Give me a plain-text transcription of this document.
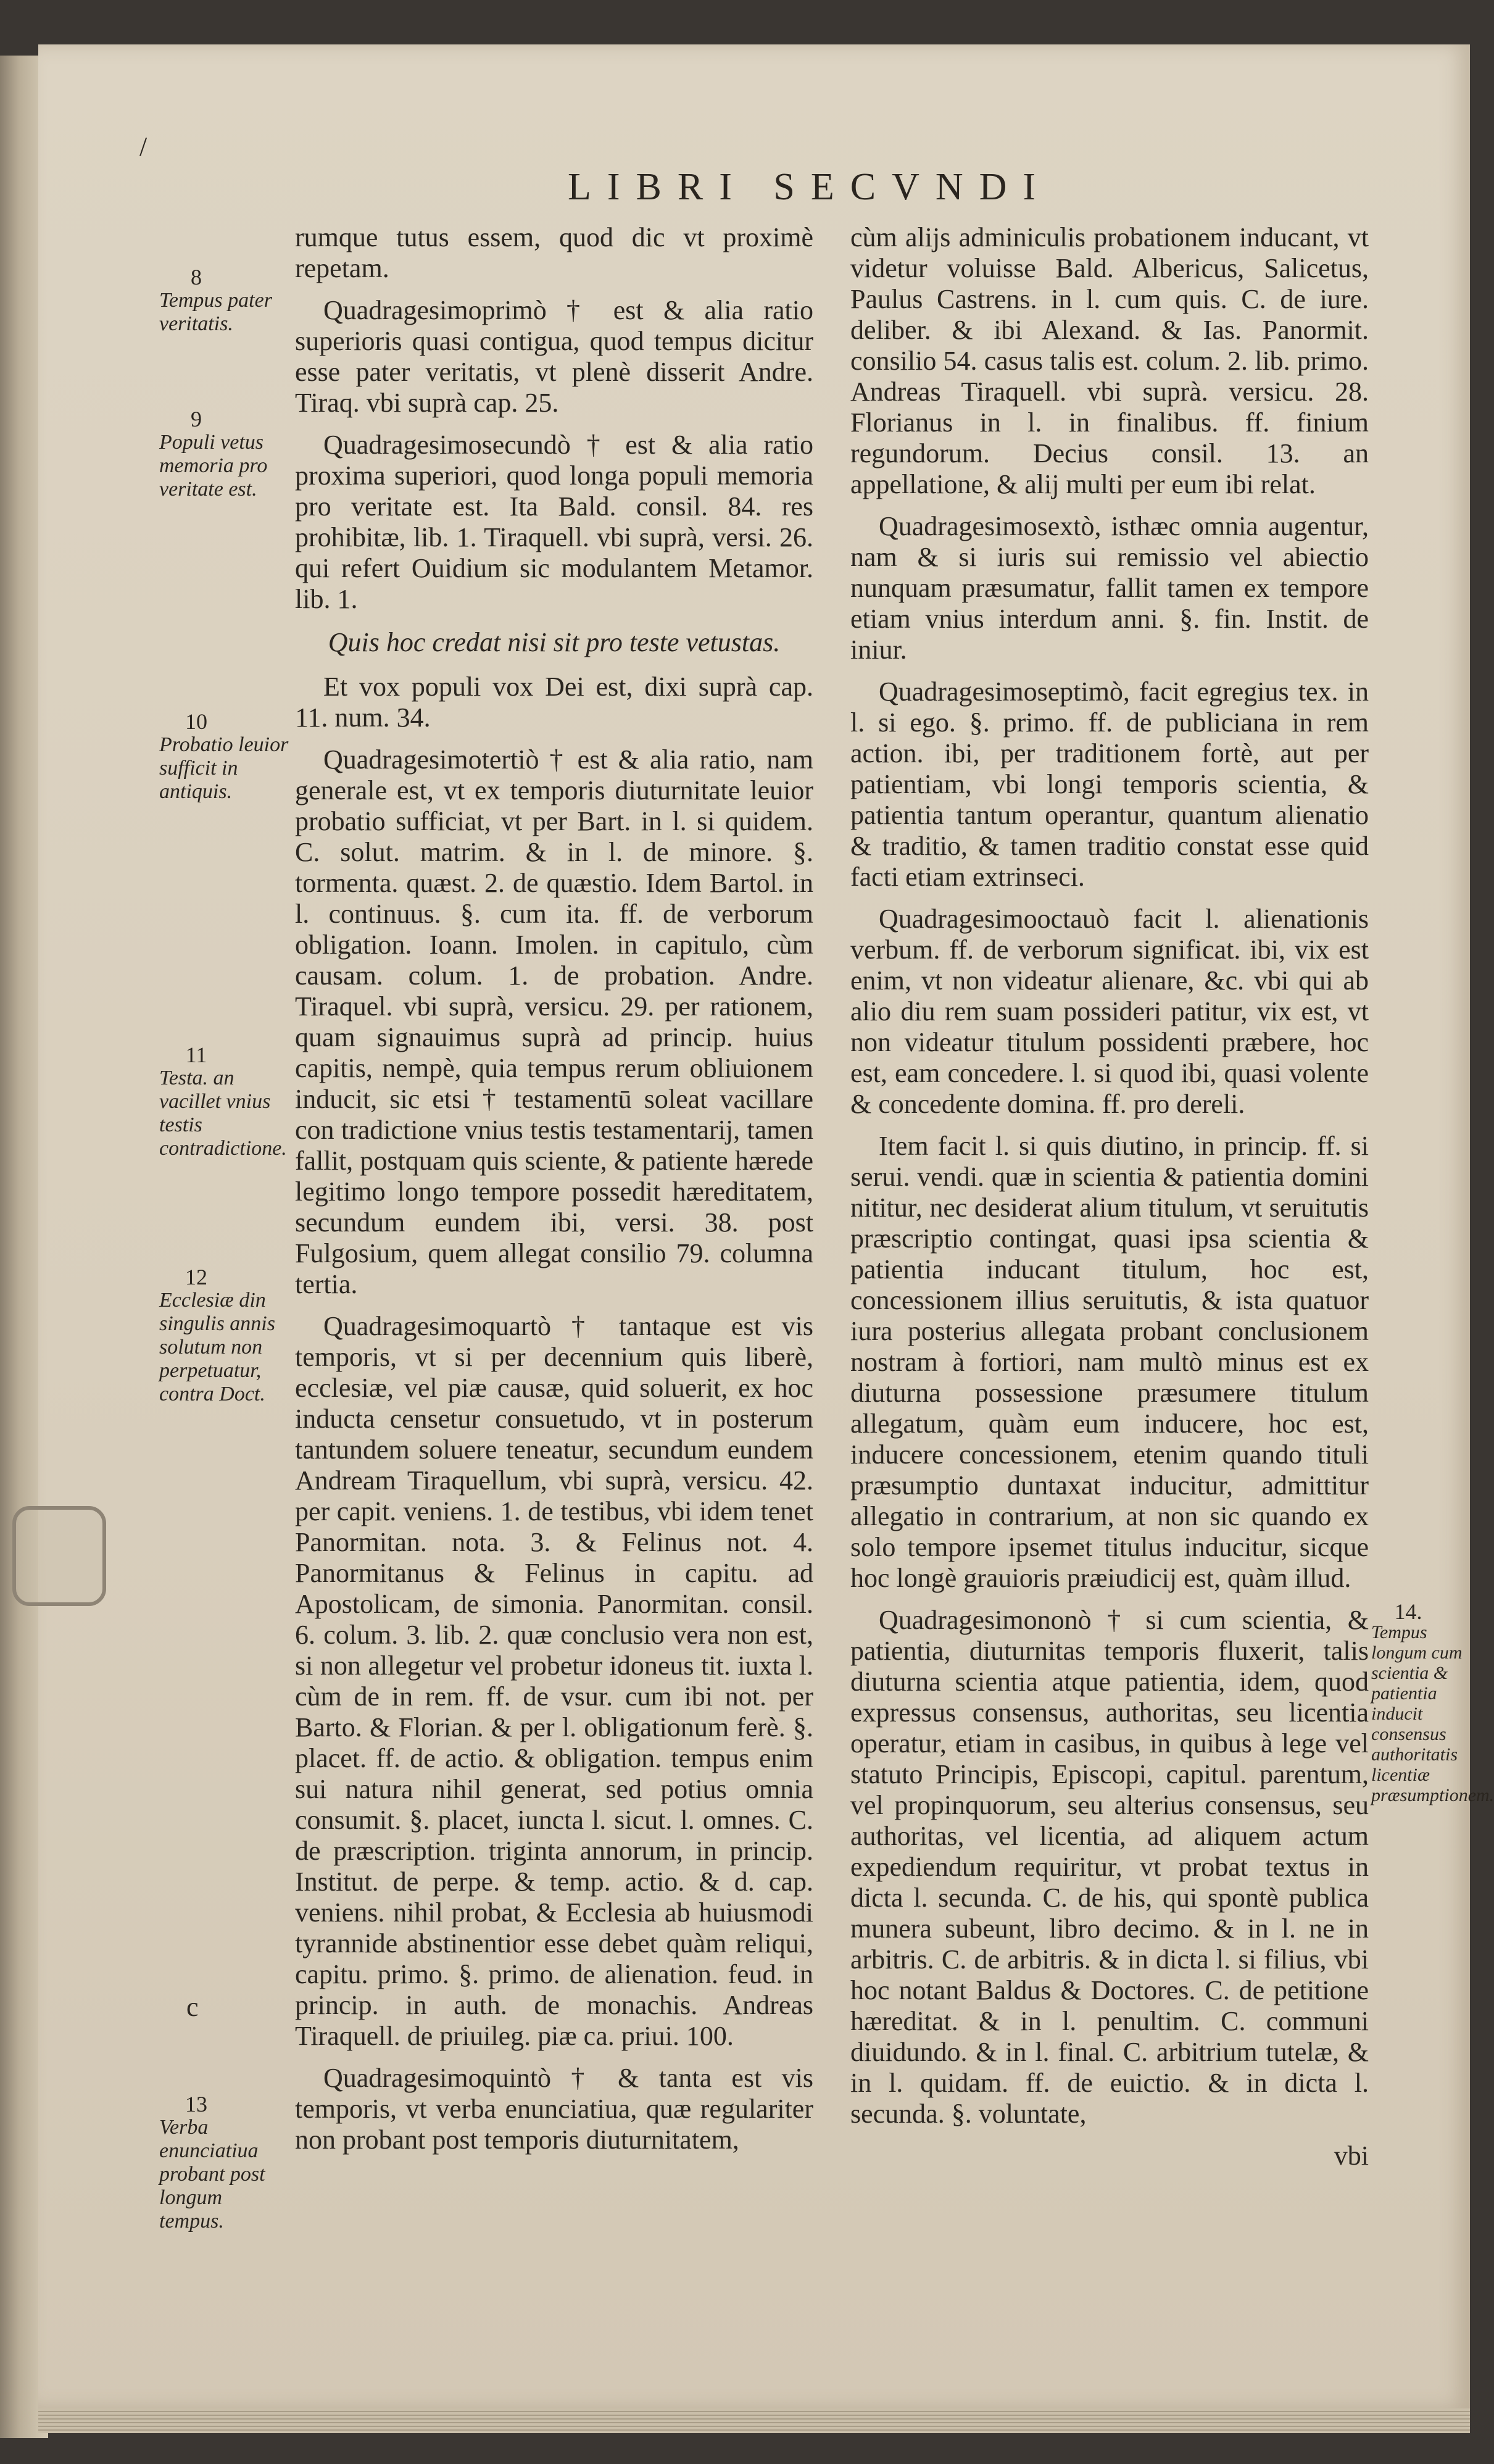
/
LIBRI SECVNDI

rumque tutus essem, quod dic vt proximè repetam.

Quadragesimoprimò † est & alia ratio superioris quasi contigua, quod tempus dicitur esse pater veritatis, vt plenè disserit Andre. Tiraq. vbi suprà cap. 25.

Quadragesimosecundò † est & alia ratio proxima superiori, quod longa populi memoria pro veritate est. Ita Bald. consil. 84. res prohibitæ, lib. 1. Tiraquell. vbi suprà, versi. 26. qui refert Ouidium sic modulantem Metamor. lib. 1.

Quis hoc credat nisi sit pro teste vetustas.

Et vox populi vox Dei est, dixi suprà cap. 11. num. 34.

Quadragesimotertiò † est & alia ratio, nam generale est, vt ex temporis diuturnitate leuior probatio sufficiat, vt per Bart. in l. si quidem. C. solut. matrim. & in l. de minore. §. tormenta. quæst. 2. de quæstio. Idem Bartol. in l. continuus. §. cum ita. ff. de verborum obligation. Ioann. Imolen. in capitulo, cùm causam. colum. 1. de probation. Andre. Tiraquel. vbi suprà, versicu. 29. per rationem, quam signauimus suprà ad princip. huius capitis, nempè, quia tempus rerum obliuionem inducit, sic etsi † testamentū soleat vacillare con tradictione vnius testis testamentarij, tamen fallit, postquam quis sciente, & patiente hærede legitimo longo tempore possedit hæreditatem, secundum eundem ibi, versi. 38. post Fulgosium, quem allegat consilio 79. columna tertia.

Quadragesimoquartò † tantaque est vis temporis, vt si per decennium quis liberè, ecclesiæ, vel piæ causæ, quid soluerit, ex hoc inducta censetur consuetudo, vt in posterum tantundem soluere teneatur, secundum eundem Andream Tiraquellum, vbi suprà, versicu. 42. per capit. veniens. 1. de testibus, vbi idem tenet Panormitan. nota. 3. & Felinus not. 4. Panormitanus & Felinus in capitu. ad Apostolicam, de simonia. Panormitan. consil. 6. colum. 3. lib. 2. quæ conclusio vera non est, si non allegetur vel probetur idoneus tit. iuxta l. cùm de in rem. ff. de vsur. cum ibi not. per Barto. & Florian. & per l. obligationum ferè. §. placet. ff. de actio. & obligation. tempus enim sui natura nihil generat, sed potius omnia consumit. §. placet, iuncta l. sicut. l. omnes. C. de præscription. triginta annorum, in princip. Institut. de perpe. & temp. actio. & d. cap. veniens. nihil probat, & Ecclesia ab huiusmodi tyrannide abstinentior esse debet quàm reliqui, capitu. primo. §. primo. de alienation. feud. in princip. in auth. de monachis. Andreas Tiraquell. de priuileg. piæ ca. priui. 100.

Quadragesimoquintò † & tanta est vis temporis, vt verba enunciatiua, quæ regulariter non probant post temporis diuturnitatem,

cùm alijs adminiculis probationem inducant, vt videtur voluisse Bald. Albericus, Salicetus, Paulus Castrens. in l. cum quis. C. de iure. deliber. & ibi Alexand. & Ias. Panormit. consilio 54. casus talis est. colum. 2. lib. primo. Andreas Tiraquell. vbi suprà. versicu. 28. Florianus in l. in finalibus. ff. finium regundorum. Decius consil. 13. an appellatione, & alij multi per eum ibi relat.

Quadragesimosextò, isthæc omnia augentur, nam & si iuris sui remissio vel abiectio nunquam præsumatur, fallit tamen ex tempore etiam vnius interdum anni. §. fin. Instit. de iniur.

Quadragesimoseptimò, facit egregius tex. in l. si ego. §. primo. ff. de publiciana in rem action. ibi, per traditionem fortè, aut per patientiam, vbi longi temporis scientia, & patientia tantum operantur, quantum alienatio & traditio, & tamen traditio constat esse quid facti etiam extrinseci.

Quadragesimooctauò facit l. alienationis verbum. ff. de verborum significat. ibi, vix est enim, vt non videatur alienare, &c. vbi qui ab alio diu rem suam possideri patitur, vix est, vt non videatur titulum possidenti præbere, hoc est, eam concedere. l. si quod ibi, quasi volente & concedente domina. ff. pro dereli.

Item facit l. si quis diutino, in princip. ff. si serui. vendi. quæ in scientia & patientia domini nititur, nec desiderat alium titulum, vt seruitutis præscriptio contingat, quasi ipsa scientia & patientia inducant titulum, hoc est, concessionem illius seruitutis, & ista quatuor iura posterius allegata probant conclusionem nostram à fortiori, nam multò minus est ex diuturna possessione præsumere titulum allegatum, quàm eum inducere, hoc est, inducere concessionem, etenim quando tituli præsumptio duntaxat inducitur, admittitur allegatio in contrarium, at non sic quando ex solo tempore ipsemet titulus inducitur, sicque hoc longè grauioris præiudicij est, quàm illud.

Quadragesimononò † si cum scientia, & patientia, diuturnitas temporis fluxerit, talis diuturna scientia atque patientia, idem, quod expressus consensus, authoritas, seu licentia operatur, etiam in casibus, in quibus à lege vel statuto Principis, Episcopi, capitul. parentum, vel propinquorum, seu alterius consensus, seu authoritas, vel licentia, ad aliquem actum expediendum requiritur, vt probat textus in dicta l. secunda. C. de his, qui spontè publica munera subeunt, libro decimo. & in l. ne in arbitris. C. de arbitris. & in dicta l. si filius, vbi hoc notant Baldus & Doctores. C. de petitione hæreditat. & in l. penultim. C. communi diuidundo. & in l. final. C. arbitrium tutelæ, & in l. quidam. ff. de euictio. & in dicta l. secunda. §. voluntate,

vbi

8
Tempus pater veritatis.
9
Populi vetus memoria pro veritate est.
10
Probatio leuior sufficit in antiquis.
11
Testa. an vacillet vnius testis contradictione.
12
Ecclesiæ din singulis annis solutum non perpetuatur, contra Doct.
13
Verba enunciatiua probant post longum tempus.
c
14.
Tempus longum cum scientia & patientia inducit consensus authoritatis licentiæ præsumptionem.
